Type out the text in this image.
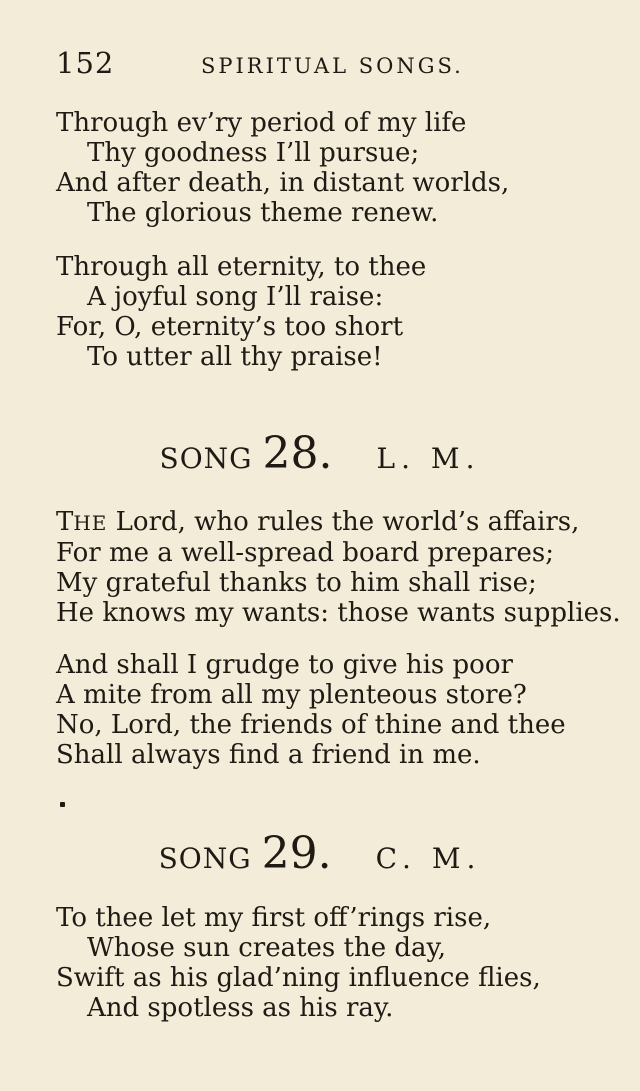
152	SPIRITUAL SONGS.
Through ev’ry period of my life
Thy goodness I’ll pursue;
And after death, in distant worlds,
The glorious theme renew.
Through all eternity, to thee
A joyful song I’ll raise:
For, O, eternity’s too short
To utter all thy praise!
SONG 28. L. M.
THE Lord, who rules the world’s affairs,
For me a well-spread board prepares;
My grateful thanks to him shall rise;
He knows my wants: those wants supplies.
And shall I grudge to give his poor
A mite from all my plenteous store?
No, Lord, the friends of thine and thee
Shall always find a friend in me.
SONG 29. C. M.
To thee let my first off’rings rise,
Whose sun creates the day,
Swift as his glad’ning influence flies,
And spotless as his ray.
